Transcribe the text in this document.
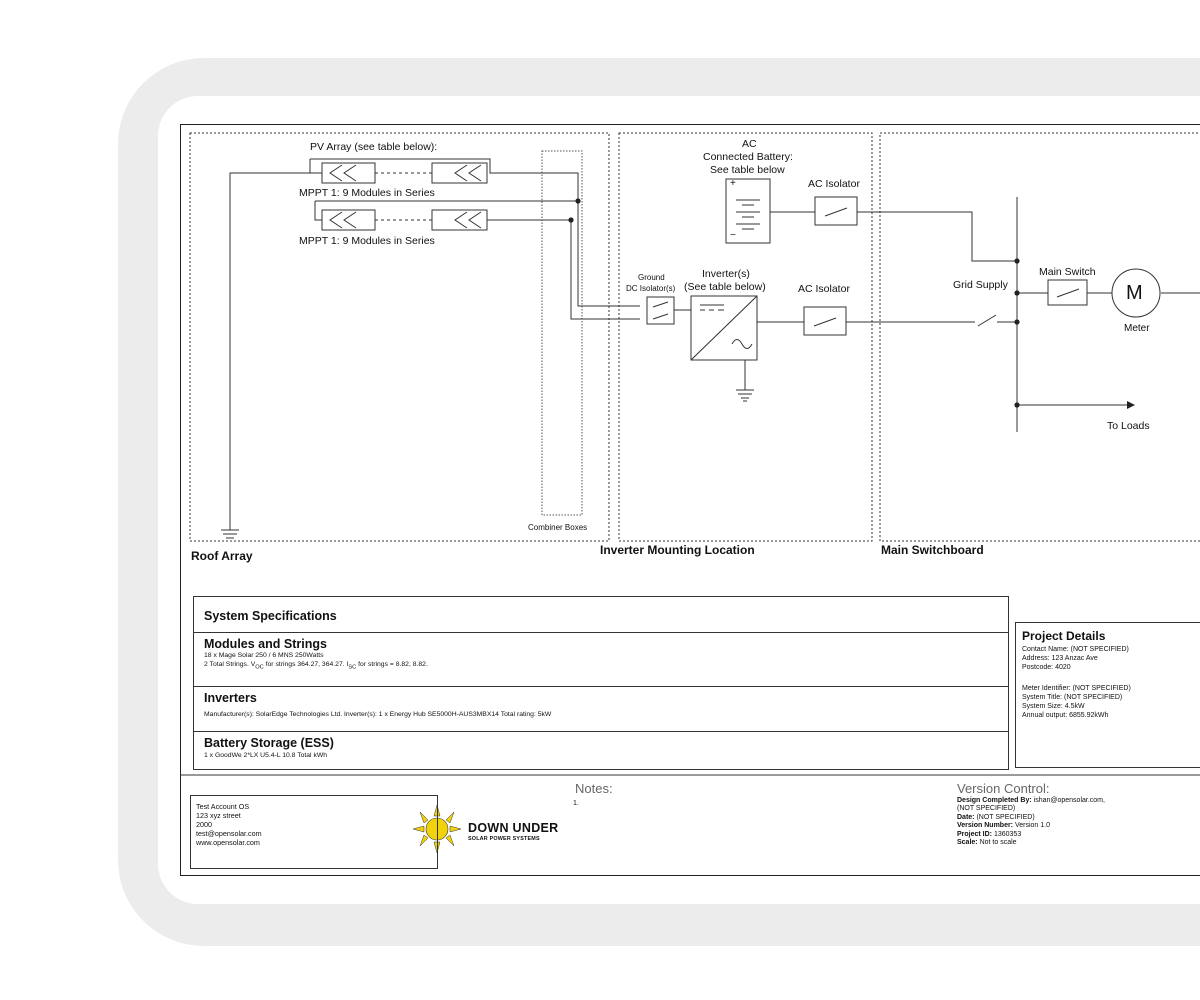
PV Array (see table below):
MPPT 1: 9 Modules in Series
MPPT 1: 9 Modules in Series
Combiner Boxes
Roof Array
AC
Connected Battery:
See table below
+
−
AC Isolator
Ground
DC Isolator(s)
Inverter(s)
(See table below)	AC Isolator
Inverter Mounting Location
Grid Supply
Main Switch
M
Meter
To Loads
Main Switchboard
System Specifications
Modules and Strings

18 x Mage Solar 250 / 6 MNS 250Watts

2 Total Strings. $V_{OC}$ for strings 364.27, 364.27. $I_{SC}$ for strings = 8.82, 8.82.

Inverters

Manufacturer(s): SolarEdge Technologies Ltd. Inverter(s): 1 x Energy Hub SE5000H-AUS3MBX14 Total rating: 5kW

Battery Storage (ESS)

1 x GoodWe 2*LX U5.4-L 10.8 Total kWh

Project Details
Contact Name: (NOT SPECIFIED)
Address: 123 Anzac Ave
Postcode: 4020
Meter Identifier: (NOT SPECIFIED)
System Title: (NOT SPECIFIED)
System Size: 4.5kW
Annual output: 6855.92kWh
Test Account OS
123 xyz street
2000
test@opensolar.com
www.opensolar.com
DOWN UNDER
SOLAR POWER SYSTEMS
Notes:
1.
Version Control:
Design Completed By: ishan@opensolar.com,
(NOT SPECIFIED)
Date: (NOT SPECIFIED)
Version Number: Version 1.0
Project ID: 1360353
Scale: Not to scale
